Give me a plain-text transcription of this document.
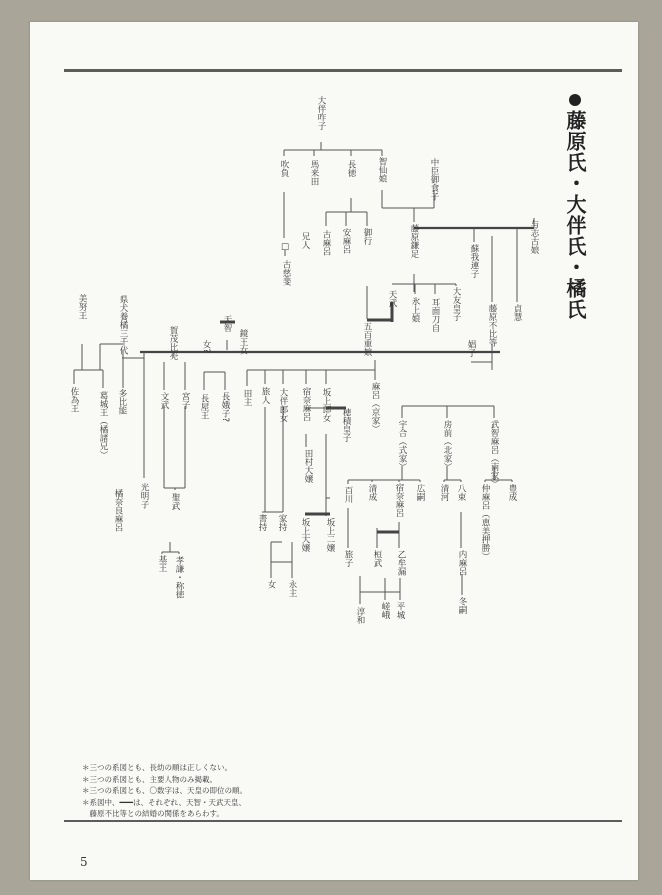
藤原氏・大伴氏・橘氏
大伴咋子
吹負 馬来田	長徳 智仙娘	中臣御食子
与志古娘
兄人 古麻呂	御行
安麻呂	藤原鎌足
蘇我連子
□
古慈斐
天武 氷上娘
五百重娘
大友皇子
耳面刀自
娼子
藤原不比等 貞慧
美努王	県犬養橘三千代	天智
鏡王女
賀茂比売	女?
佐為王 葛城王（橘諸兄） 多比能	文武 宮子 長屋王 長娥子? 田主 旅人 大伴郎女 宿奈麻呂 坂上郎女	麻呂（京家）
穂積皇子	宇合（式家）	房前（北家）	武智麻呂（南家）
光明子 聖武
橘奈良麻呂
田村大嬢
坂上大嬢 坂上二嬢
書持 家持
百川 清成 宿奈麻呂 広嗣 清河 八束 仲麻呂（恵美押勝） 豊成
基王 孝謙・称徳	旅子 桓武 乙牟漏	内麻呂
女 永主
淳和 嵯峨 平城	冬嗣
＊三つの系図とも、長幼の順は正しくない。
＊三つの系図とも、主要人物のみ掲載。
＊三つの系図とも、〇数字は、天皇の即位の順。
＊系図中、━━━は、それぞれ、天智・天武天皇、
　藤原不比等との結婚の関係をあらわす。
5
